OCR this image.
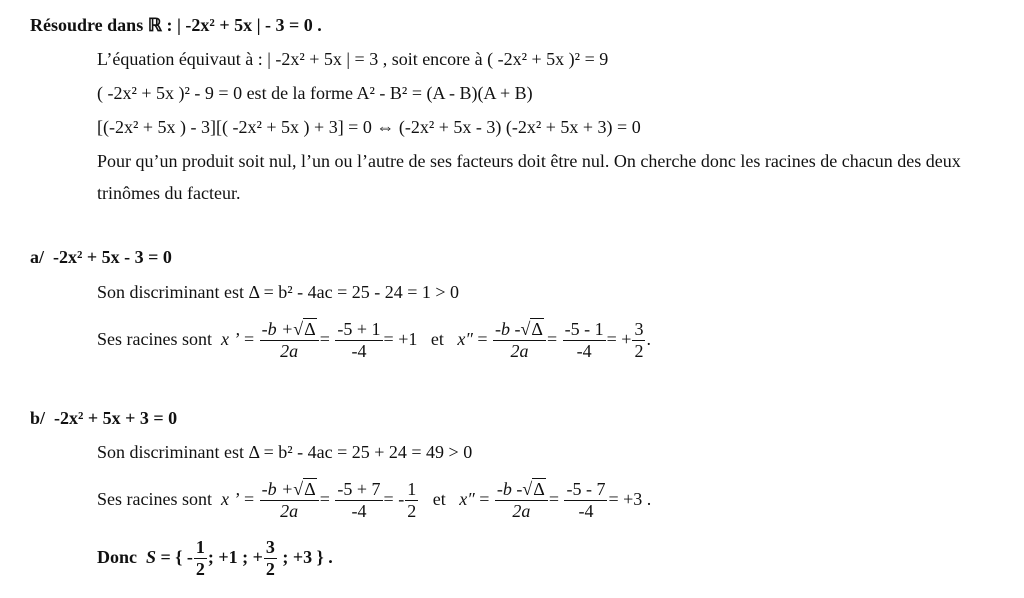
Résoudre dans ℝ : | -2x² + 5x | - 3 = 0 .
L’équation équivaut à : | -2x² + 5x | = 3 , soit encore à ( -2x² + 5x )² = 9
( -2x² + 5x )² - 9 = 0 est de la forme A² - B² = (A - B)(A + B)
[(-2x² + 5x ) - 3][( -2x² + 5x ) + 3] = 0 ⇔ (-2x² + 5x - 3) (-2x² + 5x + 3) = 0
Pour qu’un produit soit nul, l’un ou l’autre de ses facteurs doit être nul. On cherche donc les racines de chacun des deux
trinômes du facteur.
a/ -2x² + 5x - 3 = 0
Son discriminant est Δ = b² - 4ac = 25 - 24 = 1 > 0
Ses racines sont x ’ = $\frac{-b +√\Delta}{2a} = \frac{-5 + 1}{-4} = +1$ et $x'' = \frac{-b -√\Delta}{2a} = \frac{-5 - 1}{-4}$ = + $\frac{3}{2}$ .
b/ -2x² + 5x + 3 = 0
Son discriminant est Δ = b² - 4ac = 25 + 24 = 49 > 0
Ses racines sont x ’ = $\frac{-b +√\Delta}{2a} = \frac{-5 + 7}{-4}$ = - $\frac{1}{2}$ et $x'' = \frac{-b -√\Delta}{2a} = \frac{-5 - 7}{-4} = +3$ .
Donc S = { - $\frac{1}{2}$ ; +1 ; + $\frac{3}{2}$ ; +3 } .
